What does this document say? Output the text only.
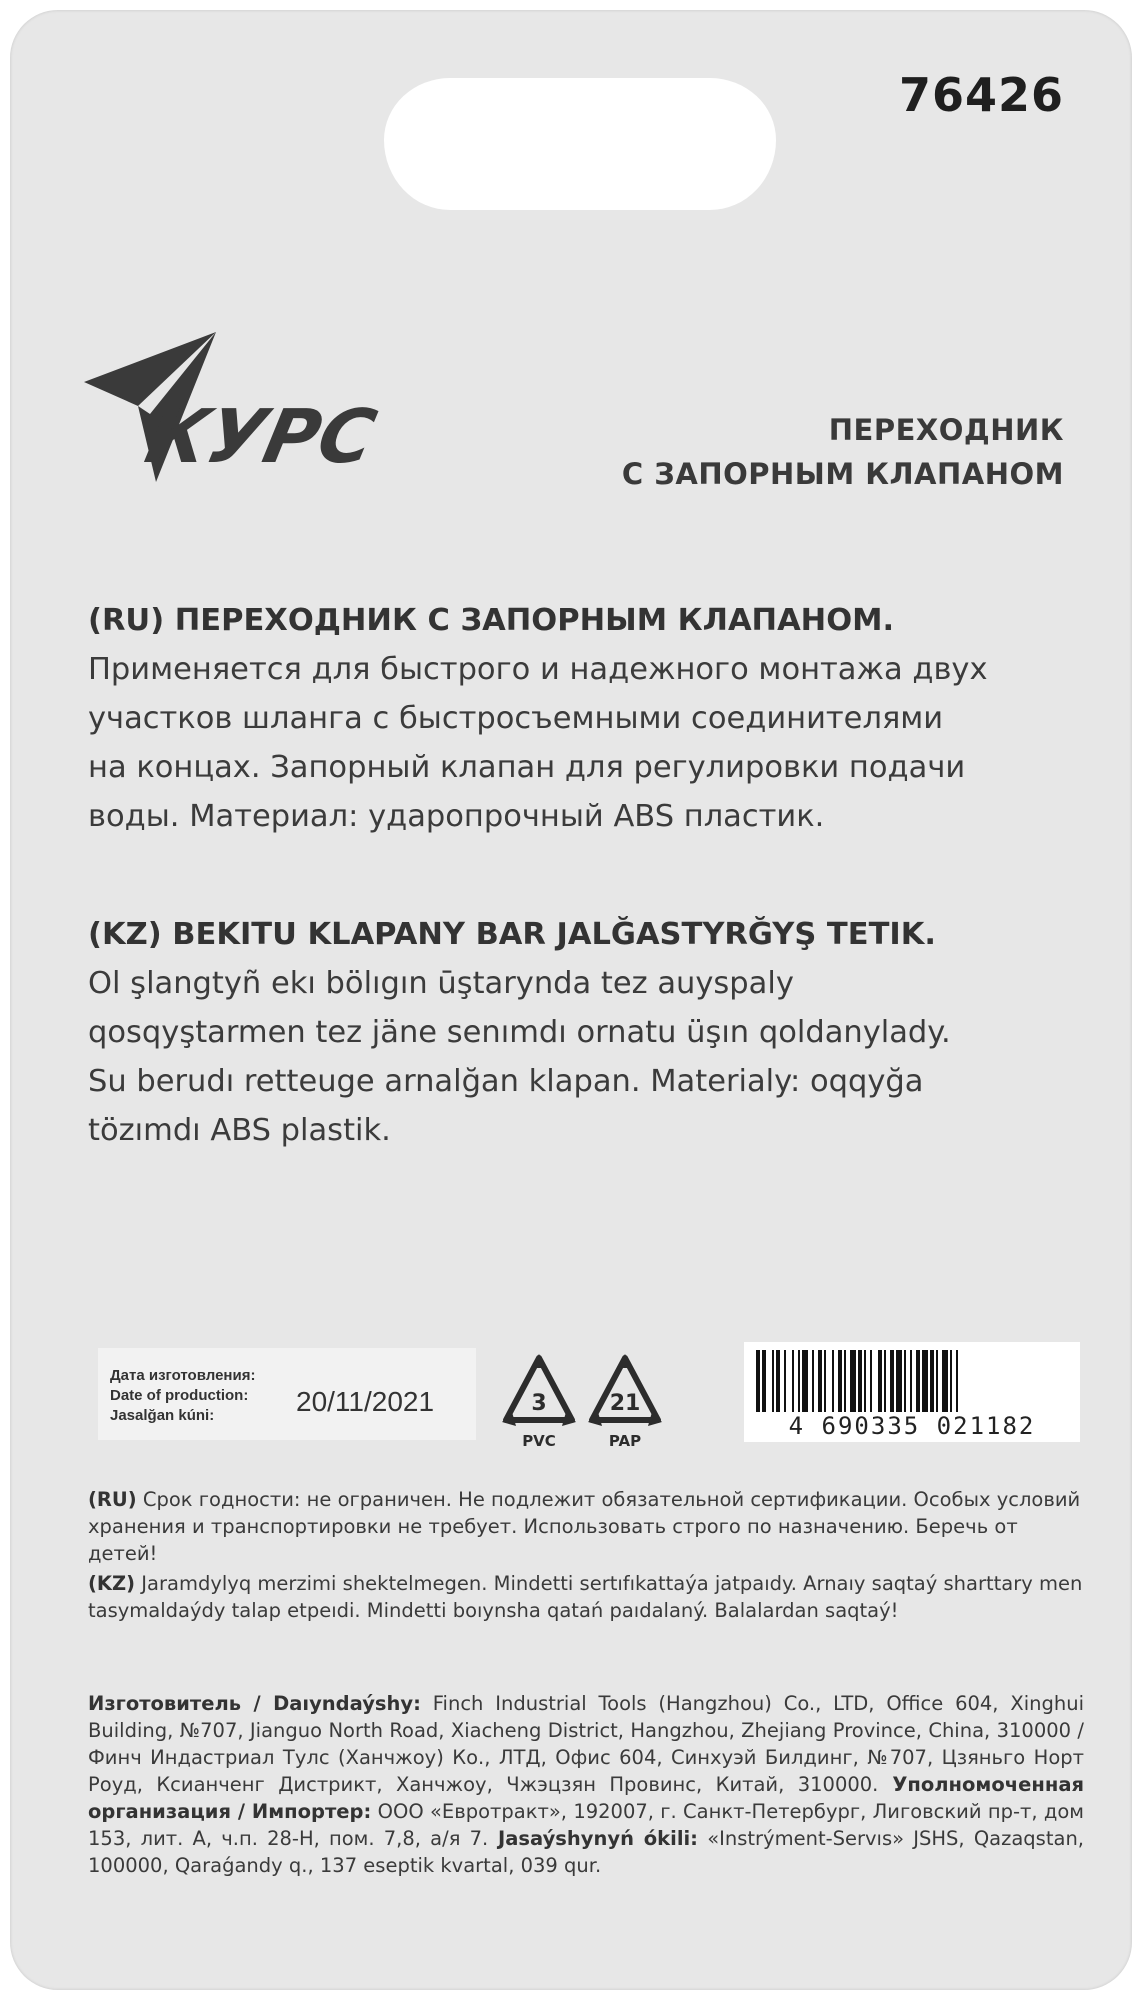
76426
КУРС	ПЕРЕХОДНИК
С ЗАПОРНЫМ КЛАПАНОМ
(RU) ПЕРЕХОДНИК С ЗАПОРНЫМ КЛАПАНОМ.
Применяется для быстрого и надежного монтажа двух
участков шланга с быстросъемными соединителями
на концах. Запорный клапан для регулировки подачи
воды. Материал: ударопрочный ABS пластик.
(KZ) BEKITU KLAPANY BAR JALĞASTYRĞYŞ TETIK.
Ol şlangtyñ ekı bölıgın ūştarynda tez auyspaly
qosqyştarmen tez jäne senımdı ornatu üşın qoldanylady.
Su berudı retteuge arnalğan klapan. Materialy: oqqyğa
tözımdı ABS plastik.
Дата изготовления:
Date of production:
Jasalğan kúni:	20/11/2021	3
PVC
21
PAP
4 690335 021182
(RU) Срок годности: не ограничен. Не подлежит обязательной сертификации. Особых условий хранения и транспортировки не требует. Использовать строго по назначению. Беречь от детей!
(KZ) Jaramdylyq merzimi shektelmegen. Mindetti sertıfıkattaýa jatpaıdy. Arnaıy saqtaý sharttary men tasymaldaýdy talap etpeıdi. Mindetti boıynsha qatań paıdalaný. Balalardan saqtaý!
Изготовитель / Daıyndaýshy: Finch Industrial Tools (Hangzhou) Co., LTD, Office 604, Xinghui Building, №707, Jianguo North Road, Xiacheng District, Hangzhou, Zhejiang Province, China, 310000 / Финч Индастриал Тулс (Ханчжоу) Ко., ЛТД, Офис 604, Синхуэй Билдинг, №707, Цзяньго Норт Роуд, Ксианченг Дистрикт, Ханчжоу, Чжэцзян Провинс, Китай, 310000. Уполномоченная организация / Импортер: ООО «Евротракт», 192007, г. Санкт-Петербург, Лиговский пр-т, дом 153, лит. А, ч.п. 28-Н, пом. 7,8, а/я 7. Jasaýshynyń ókili: «Instrýment-Servıs» JSHS, Qazaqstan, 100000, Qaraǵandy q., 137 eseptik kvartal, 039 qur.
